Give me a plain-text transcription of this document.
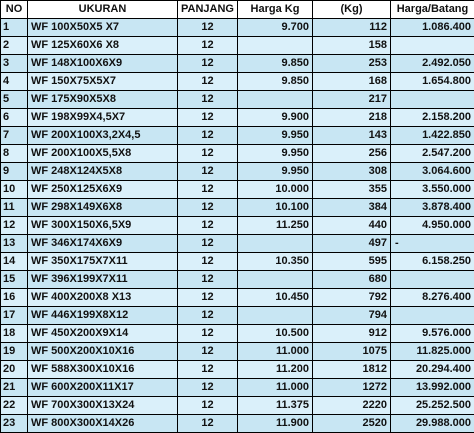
NO	UKURAN	PANJANG	Harga Kg	(Kg)	Harga/Batang
1	WF 100X50X5 X7	12	9.700	112	1.086.400
2	WF 125X60X6 X8	12		158	
3	WF 148X100X6X9	12	9.850	253	2.492.050
4	WF 150X75X5X7	12	9.850	168	1.654.800
5	WF 175X90X5X8	12		217	
6	WF 198X99X4,5X7	12	9.900	218	2.158.200
7	WF 200X100X3,2X4,5	12	9.950	143	1.422.850
8	WF 200X100X5,5X8	12	9.950	256	2.547.200
9	WF 248X124X5X8	12	9.950	308	3.064.600
10	WF 250X125X6X9	12	10.000	355	3.550.000
11	WF 298X149X6X8	12	10.100	384	3.878.400
12	WF 300X150X6,5X9	12	11.250	440	4.950.000
13	WF 346X174X6X9	12		497	-
14	WF 350X175X7X11	12	10.350	595	6.158.250
15	WF 396X199X7X11	12		680	
16	WF 400X200X8 X13	12	10.450	792	8.276.400
17	WF 446X199X8X12	12		794	
18	WF 450X200X9X14	12	10.500	912	9.576.000
19	WF 500X200X10X16	12	11.000	1075	11.825.000
20	WF 588X300X10X16	12	11.200	1812	20.294.400
21	WF 600X200X11X17	12	11.000	1272	13.992.000
22	WF 700X300X13X24	12	11.375	2220	25.252.500
23	WF 800X300X14X26	12	11.900	2520	29.988.000
